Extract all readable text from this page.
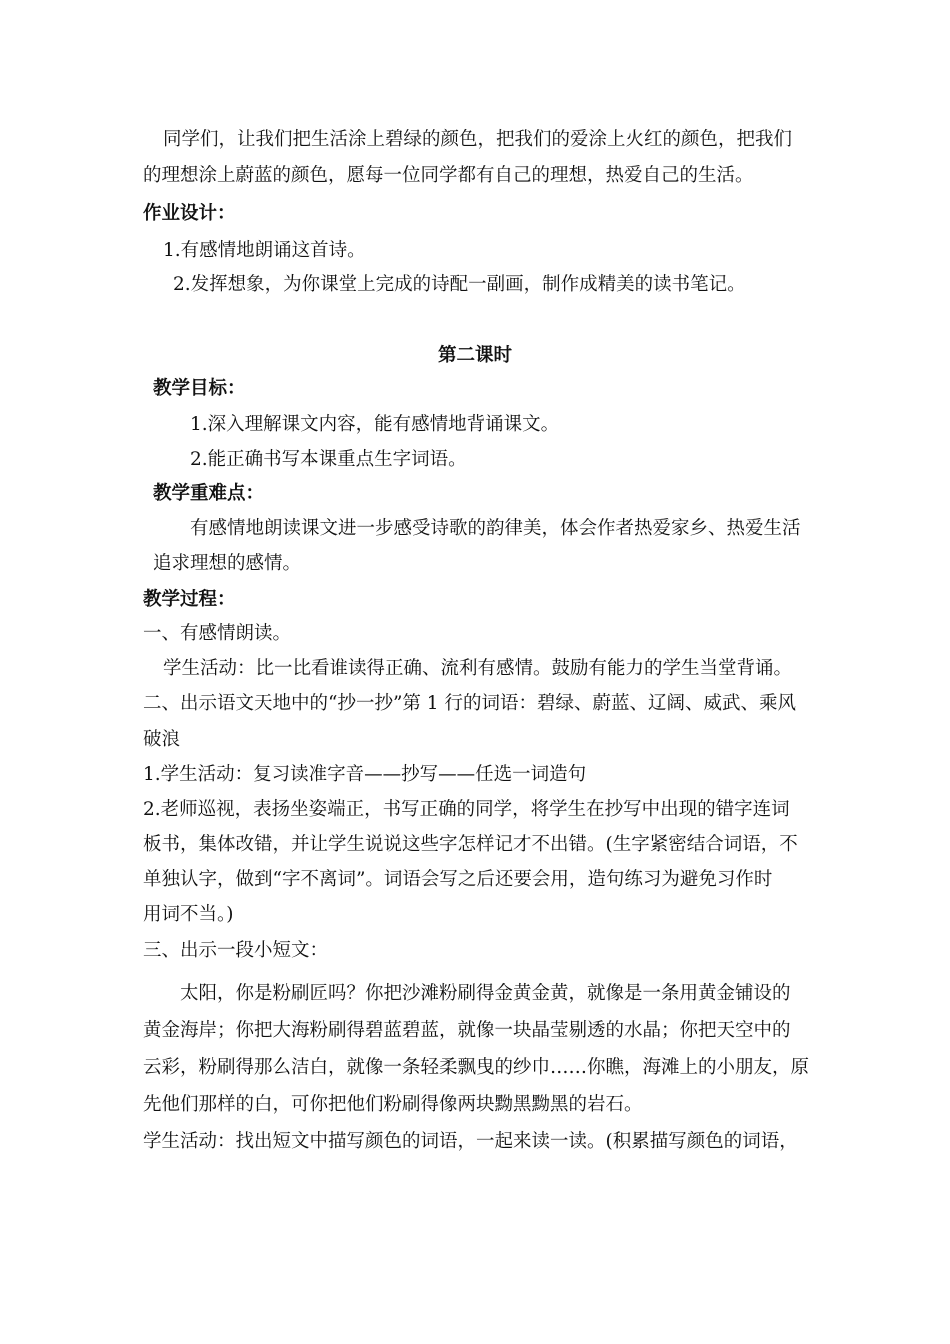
同学们，让我们把生活涂上碧绿的颜色，把我们的爱涂上火红的颜色，把我们
的理想涂上蔚蓝的颜色，愿每一位同学都有自己的理想，热爱自己的生活。
作业设计：
1.有感情地朗诵这首诗。
2.发挥想象，为你课堂上完成的诗配一副画，制作成精美的读书笔记。
第二课时
教学目标：
1.深入理解课文内容，能有感情地背诵课文。
2.能正确书写本课重点生字词语。
教学重难点：
有感情地朗读课文进一步感受诗歌的韵律美，体会作者热爱家乡、热爱生活
追求理想的感情。
教学过程：
一、有感情朗读。
学生活动：比一比看谁读得正确、流利有感情。鼓励有能力的学生当堂背诵。
二、出示语文天地中的“抄一抄”第 1 行的词语：碧绿、蔚蓝、辽阔、威武、乘风
破浪
1.学生活动：复习读准字音——抄写——任选一词造句
2.老师巡视，表扬坐姿端正，书写正确的同学，将学生在抄写中出现的错字连词
板书，集体改错，并让学生说说这些字怎样记才不出错。(生字紧密结合词语，不
单独认字，做到“字不离词”。词语会写之后还要会用，造句练习为避免习作时
用词不当。)
三、出示一段小短文：
太阳，你是粉刷匠吗？你把沙滩粉刷得金黄金黄，就像是一条用黄金铺设的
黄金海岸；你把大海粉刷得碧蓝碧蓝，就像一块晶莹剔透的水晶；你把天空中的
云彩，粉刷得那么洁白，就像一条轻柔飘曳的纱巾……你瞧，海滩上的小朋友，原
先他们那样的白，可你把他们粉刷得像两块黝黑黝黑的岩石。
学生活动：找出短文中描写颜色的词语，一起来读一读。(积累描写颜色的词语，
